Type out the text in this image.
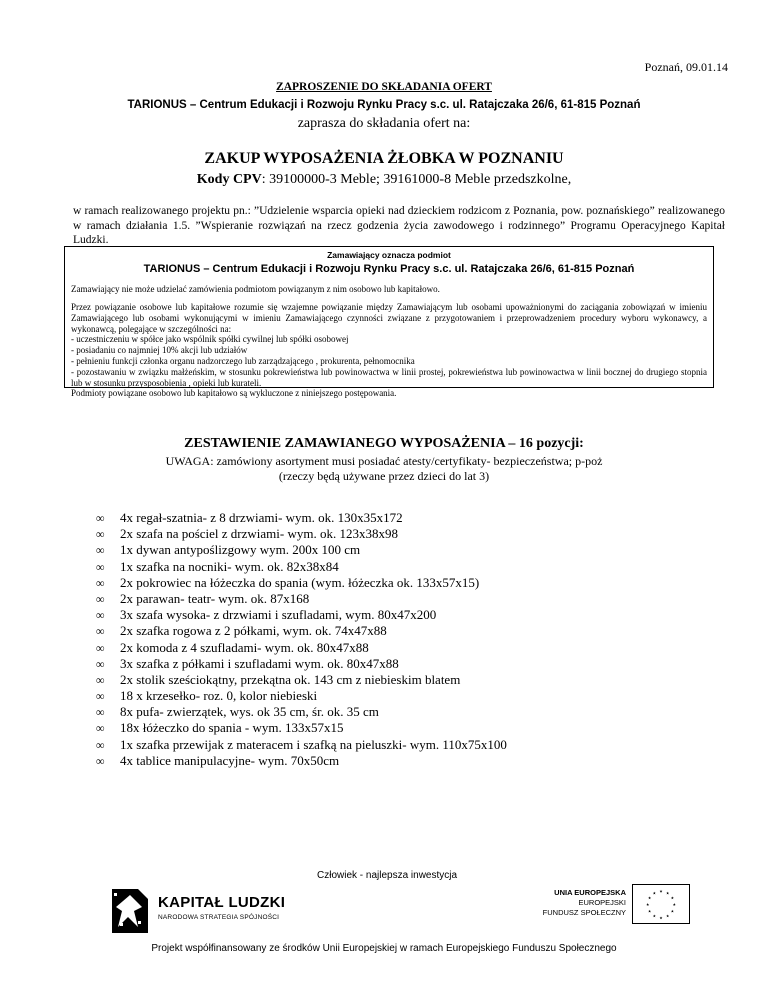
Poznań, 09.01.14
ZAPROSZENIE DO SKŁADANIA OFERT
TARIONUS – Centrum Edukacji i Rozwoju Rynku Pracy s.c. ul. Ratajczaka 26/6, 61-815 Poznań
zaprasza do składania ofert na:
ZAKUP WYPOSAŻENIA ŻŁOBKA W POZNANIU
Kody CPV: 39100000-3 Meble; 39161000-8 Meble przedszkolne,
w ramach realizowanego projektu pn.: ”Udzielenie wsparcia opieki nad dzieckiem rodzicom z Poznania, pow. poznańskiego” realizowanego w ramach działania 1.5. ”Wspieranie rozwiązań na rzecz godzenia życia zawodowego i rodzinnego” Programu Operacyjnego Kapitał Ludzki.
Zamawiający oznacza podmiot
TARIONUS – Centrum Edukacji i Rozwoju Rynku Pracy s.c. ul. Ratajczaka 26/6, 61-815 Poznań
Zamawiający nie może udzielać zamówienia podmiotom powiązanym z nim osobowo lub kapitałowo.
Przez powiązanie osobowe lub kapitałowe rozumie się wzajemne powiązanie między Zamawiającym lub osobami upoważnionymi do zaciągania zobowiązań w imieniu Zamawiającego lub osobami wykonującymi w imieniu Zamawiającego czynności związane z przygotowaniem i przeprowadzeniem procedury wyboru wykonawcy, a wykonawcą, polegające w szczególności na:
- uczestniczeniu w spółce jako wspólnik spółki cywilnej lub spółki osobowej
- posiadaniu co najmniej 10% akcji lub udziałów
- pełnieniu funkcji członka organu nadzorczego lub zarządzającego , prokurenta, pełnomocnika
- pozostawaniu w związku małżeńskim, w stosunku pokrewieństwa lub powinowactwa w linii prostej, pokrewieństwa lub powinowactwa w linii bocznej do drugiego stopnia lub w stosunku przysposobienia , opieki lub kurateli.
Podmioty powiązane osobowo lub kapitałowo są wykluczone z niniejszego postępowania.
ZESTAWIENIE ZAMAWIANEGO WYPOSAŻENIA – 16 pozycji:
UWAGA: zamówiony asortyment musi posiadać atesty/certyfikaty- bezpieczeństwa; p-poż
(rzeczy będą używane przez dzieci do lat 3)
∞	4x regał-szatnia- z 8 drzwiami- wym. ok. 130x35x172
∞	2x szafa na pościel z drzwiami- wym. ok. 123x38x98
∞	1x dywan antypoślizgowy wym. 200x 100 cm
∞	1x szafka na nocniki- wym. ok. 82x38x84
∞	2x pokrowiec na łóżeczka do spania (wym. łóżeczka ok. 133x57x15)
∞	2x parawan- teatr- wym. ok. 87x168
∞	3x szafa wysoka- z drzwiami i szufladami, wym. 80x47x200
∞	2x szafka rogowa z 2 półkami, wym. ok. 74x47x88
∞	2x komoda z 4 szufladami- wym. ok. 80x47x88
∞	3x szafka z półkami i szufladami wym. ok. 80x47x88
∞	2x stolik sześciokątny, przekątna ok. 143 cm z niebieskim blatem
∞	18 x krzesełko- roz. 0, kolor niebieski
∞	8x pufa- zwierzątek, wys. ok 35 cm, śr. ok. 35 cm
∞	18x łóżeczko do spania - wym. 133x57x15
∞	1x szafka przewijak z materacem i szafką na pieluszki- wym. 110x75x100
∞	4x tablice manipulacyjne- wym. 70x50cm
Człowiek - najlepsza inwestycja
KAPITAŁ LUDZKI
NARODOWA STRATEGIA SPÓJNOŚCI
UNIA EUROPEJSKA
EUROPEJSKI
FUNDUSZ SPOŁECZNY
Projekt współfinansowany ze środków Unii Europejskiej w ramach Europejskiego Funduszu Społecznego
